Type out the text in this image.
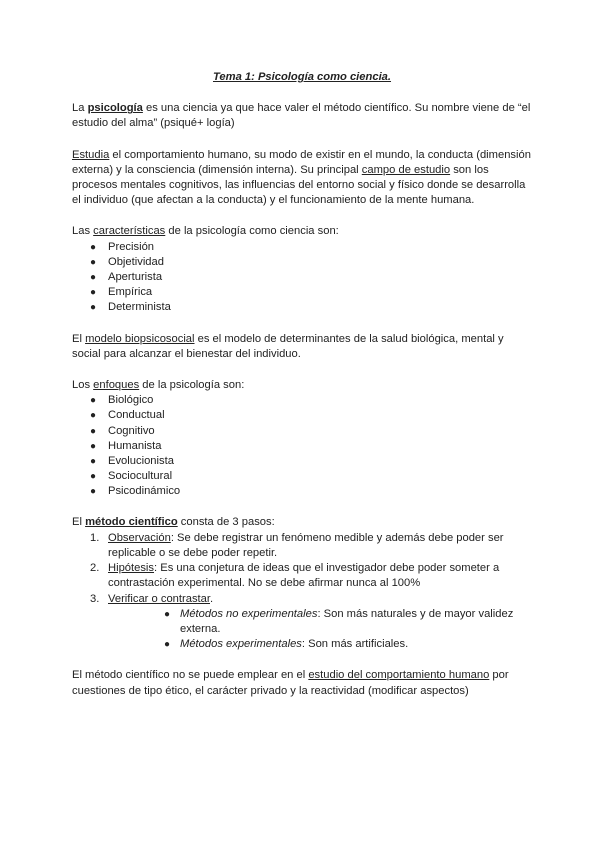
Tema 1: Psicología como ciencia.

La psicología es una ciencia ya que hace valer el método científico. Su nombre viene de “el estudio del alma” (psiqué+ logía)

Estudia el comportamiento humano, su modo de existir en el mundo, la conducta (dimensión externa) y la consciencia (dimensión interna). Su principal campo de estudio son los procesos mentales cognitivos, las influencias del entorno social y físico donde se desarrolla el individuo (que afectan a la conducta) y el funcionamiento de la mente humana.

Las características de la psicología como ciencia son:

● Precisión
● Objetividad
● Aperturista
● Empírica
● Determinista

El modelo biopsicosocial es el modelo de determinantes de la salud biológica, mental y social para alcanzar el bienestar del individuo.

Los enfoques de la psicología son:

● Biológico
● Conductual
● Cognitivo
● Humanista
● Evolucionista
● Sociocultural
● Psicodinámico

El método científico consta de 3 pasos:

1. Observación: Se debe registrar un fenómeno medible y además debe poder ser replicable o se debe poder repetir.
2. Hipótesis: Es una conjetura de ideas que el investigador debe poder someter a contrastación experimental. No se debe afirmar nunca al 100%
3. Verificar o contrastar.
● Métodos no experimentales: Son más naturales y de mayor validez externa.
● Métodos experimentales: Son más artificiales.

El método científico no se puede emplear en el estudio del comportamiento humano por cuestiones de tipo ético, el carácter privado y la reactividad (modificar aspectos)
